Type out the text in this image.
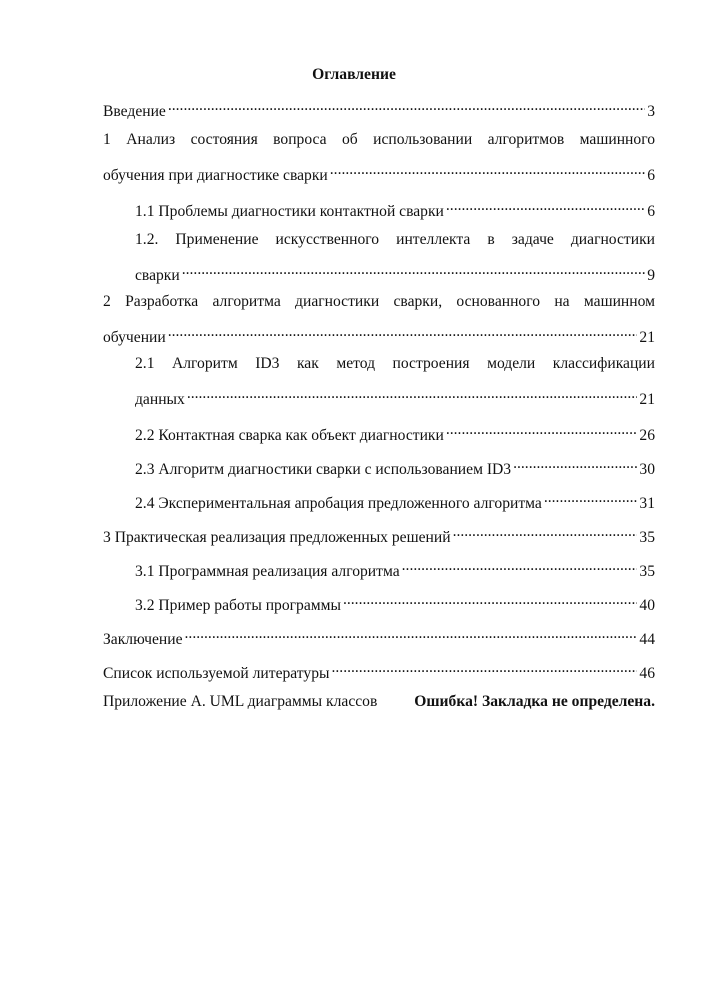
Оглавление
Введение .....	3
1 Анализ состояния вопроса об использовании алгоритмов машинного
обучения при диагностике сварки .....	6
1.1 Проблемы диагностики контактной сварки .....	6
1.2. Применение искусственного интеллекта в задаче диагностики
сварки .....	9
2 Разработка алгоритма диагностики сварки, основанного на машинном
обучении .....	21
2.1 Алгоритм ID3 как метод построения модели классификации
данных .....	21
2.2 Контактная сварка как объект диагностики .....	26
2.3 Алгоритм диагностики сварки с использованием ID3 .....	30
2.4 Экспериментальная апробация предложенного алгоритма .....	31
3 Практическая реализация предложенных решений .....	35
3.1 Программная реализация алгоритма .....	35
3.2 Пример работы программы .....	40
Заключение .....	44
Список используемой литературы .....	46
Приложение А. UML диаграммы классов Ошибка! Закладка не определена.
